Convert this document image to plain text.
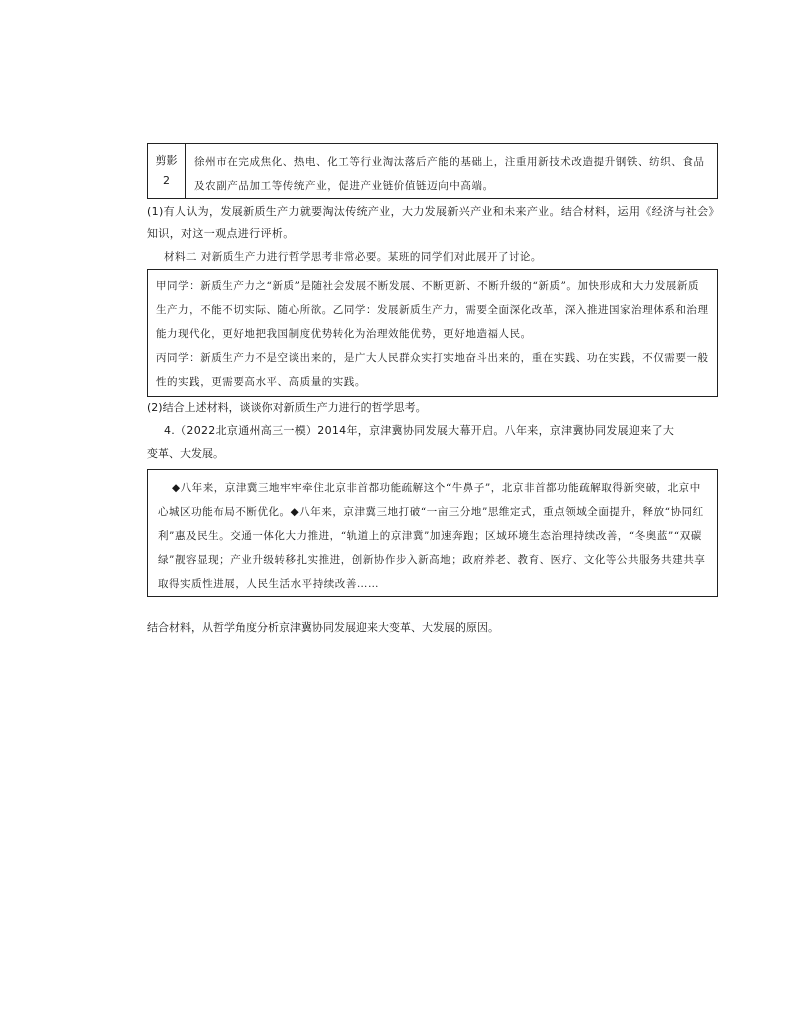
剪影
2
徐州市在完成焦化、热电、化工等行业淘汰落后产能的基础上，注重用新技术改造提升钢铁、纺织、食品及农副产品加工等传统产业，促进产业链价值链迈向中高端。
(1)有人认为，发展新质生产力就要淘汰传统产业，大力发展新兴产业和未来产业。结合材料，运用《经济与社会》知识，对这一观点进行评析。
材料二 对新质生产力进行哲学思考非常必要。某班的同学们对此展开了讨论。
甲同学：新质生产力之“新质”是随社会发展不断发展、不断更新、不断升级的“新质”。加快形成和大力发展新质生产力，不能不切实际、随心所欲。乙同学：发展新质生产力，需要全面深化改革，深入推进国家治理体系和治理能力现代化，更好地把我国制度优势转化为治理效能优势，更好地造福人民。
丙同学：新质生产力不是空谈出来的，是广大人民群众实打实地奋斗出来的，重在实践、功在实践，不仅需要一般性的实践，更需要高水平、高质量的实践。
(2)结合上述材料，谈谈你对新质生产力进行的哲学思考。
4.（2022北京通州高三一模）2014年，京津冀协同发展大幕开启。八年来，京津冀协同发展迎来了大
变革、大发展。
◆八年来，京津冀三地牢牢牵住北京非首都功能疏解这个“牛鼻子”，北京非首都功能疏解取得新突破，北京中心城区功能布局不断优化。◆八年来，京津冀三地打破“一亩三分地”思维定式，重点领域全面提升，释放“协同红利”惠及民生。交通一体化大力推进，“轨道上的京津冀”加速奔跑；区域环境生态治理持续改善，“冬奥蓝”“双碳绿”靓容显现；产业升级转移扎实推进，创新协作步入新高地；政府养老、教育、医疗、文化等公共服务共建共享取得实质性进展，人民生活水平持续改善……
结合材料，从哲学角度分析京津冀协同发展迎来大变革、大发展的原因。
